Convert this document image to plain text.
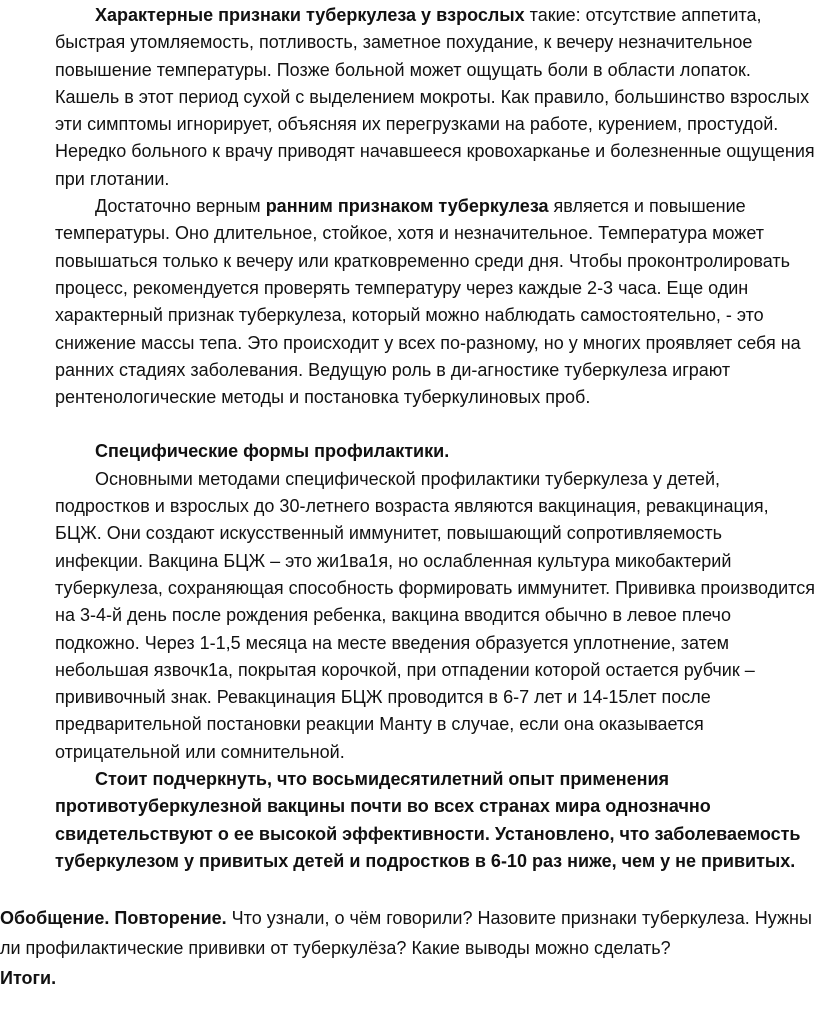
Характерные признаки туберкулеза у взрослых такие: отсутствие аппетита, быстрая утомляемость, потливость, заметное похудание, к вечеру незначительное повышение температуры. Позже больной может ощущать боли в области лопаток. Кашель в этот период сухой с выделением мокроты. Как правило, большинство взрослых эти симптомы игнорирует, объясняя их перегрузками на работе, курением, простудой. Нередко больного к врачу приводят начавшееся кровохарканье и болезненные ощущения при глотании.

Достаточно верным ранним признаком туберкулеза является и повышение температуры. Оно длительное, стойкое, хотя и незначительное. Температура может повышаться только к вечеру или кратковременно среди дня. Чтобы проконтролировать процесс, рекомендуется проверять температуру через каждые 2-3 часа. Еще один характерный признак туберкулеза, который можно наблюдать самостоятельно, - это снижение массы тепа. Это происходит у всех по-разному, но у многих проявляет себя на ранних стадиях заболевания. Ведущую роль в ди-агностике туберкулеза играют рентенологические методы и постановка туберкулиновых проб.

Специфические формы профилактики.

Основными методами специфической профилактики туберкулеза у детей, подростков и взрослых до 30-летнего возраста являются вакцинация, ревакцинация, БЦЖ. Они создают искусственный иммунитет, повышающий сопротивляемость инфекции. Вакцина БЦЖ – это жи1ва1я, но ослабленная культура микобактерий туберкулеза, сохраняющая способность формировать иммунитет. Прививка производится на 3-4-й день после рождения ребенка, вакцина вводится обычно в левое плечо подкожно. Через 1-1,5 месяца на месте введения образуется уплотнение, затем небольшая язвочк1а, покрытая корочкой, при отпадении которой остается рубчик – прививочный знак. Ревакцинация БЦЖ проводится в 6-7 лет и 14-15лет после предварительной постановки реакции Манту в случае, если она оказывается отрицательной или сомнительной.

Стоит подчеркнуть, что восьмидесятилетний опыт применения противотуберкулезной вакцины почти во всех странах мира однозначно свидетельствуют о ее высокой эффективности. Установлено, что заболеваемость туберкулезом у привитых детей и подростков в 6-10 раз ниже, чем у не привитых.

Обобщение. Повторение. Что узнали, о чём говорили? Назовите признаки туберкулеза. Нужны ли профилактические прививки от туберкулёза? Какие выводы можно сделать?

Итоги.
